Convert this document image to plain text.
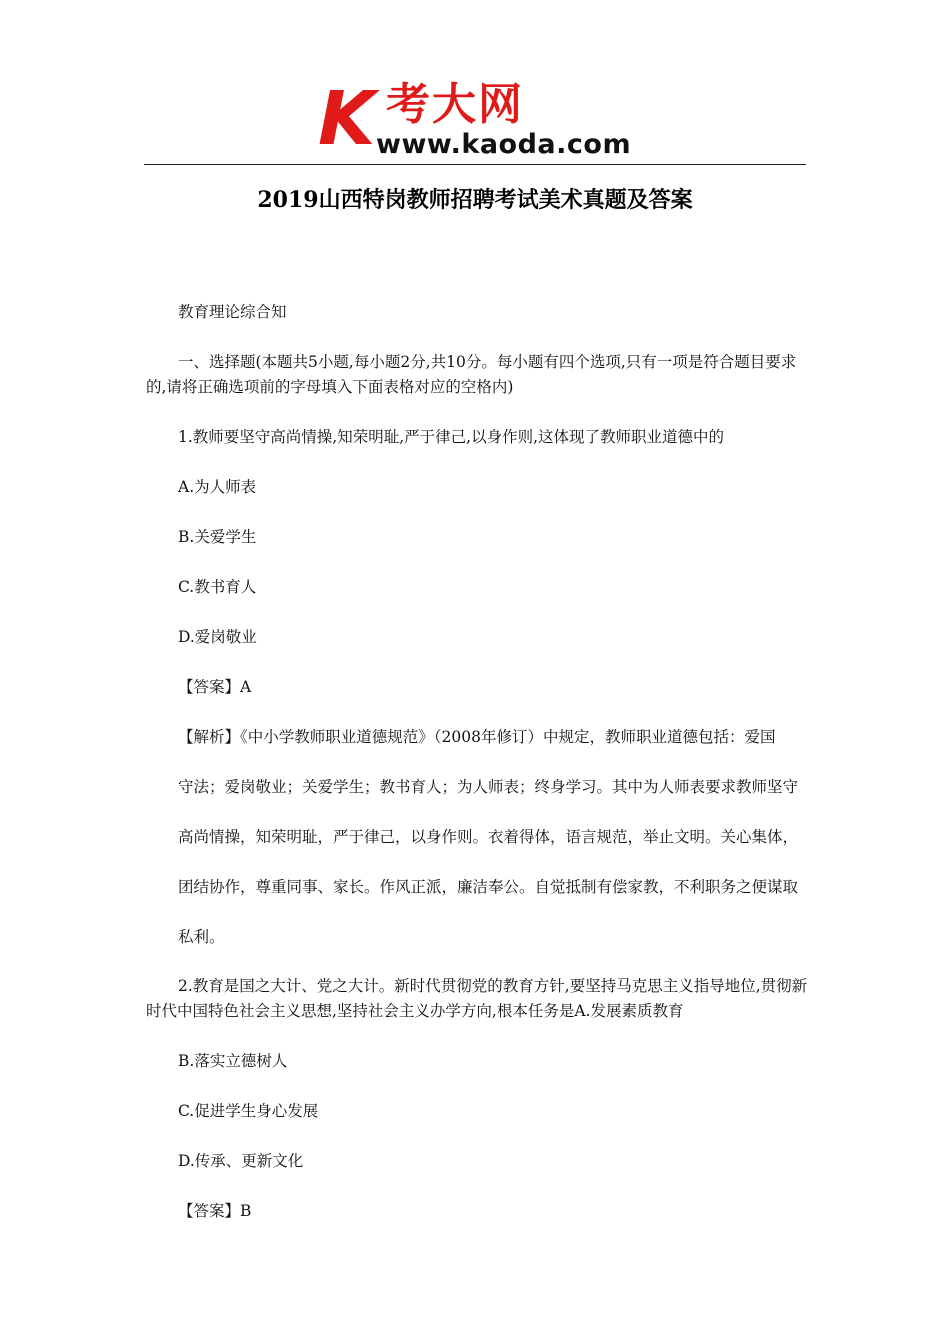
K 考大网
www.kaoda.com
2019山西特岗教师招聘考试美术真题及答案

教育理论综合知

一、选择题(本题共5小题,每小题2分,共10分。每小题有四个选项,只有一项是符合题目要求的,请将正确选项前的字母填入下面表格对应的空格内)

1.教师要坚守高尚情操,知荣明耻,严于律己,以身作则,这体现了教师职业道德中的

A.为人师表

B.关爱学生

C.教书育人

D.爱岗敬业

【答案】A

【解析】《中小学教师职业道德规范》（2008年修订）中规定，教师职业道德包括：爱国

守法；爱岗敬业；关爱学生；教书育人；为人师表；终身学习。其中为人师表要求教师坚守

高尚情操，知荣明耻，严于律己，以身作则。衣着得体，语言规范，举止文明。关心集体，

团结协作，尊重同事、家长。作风正派，廉洁奉公。自觉抵制有偿家教，不利职务之便谋取

私利。

2.教育是国之大计、党之大计。新时代贯彻党的教育方针,要坚持马克思主义指导地位,贯彻新时代中国特色社会主义思想,坚持社会主义办学方向,根本任务是A.发展素质教育

B.落实立德树人

C.促进学生身心发展

D.传承、更新文化

【答案】B
